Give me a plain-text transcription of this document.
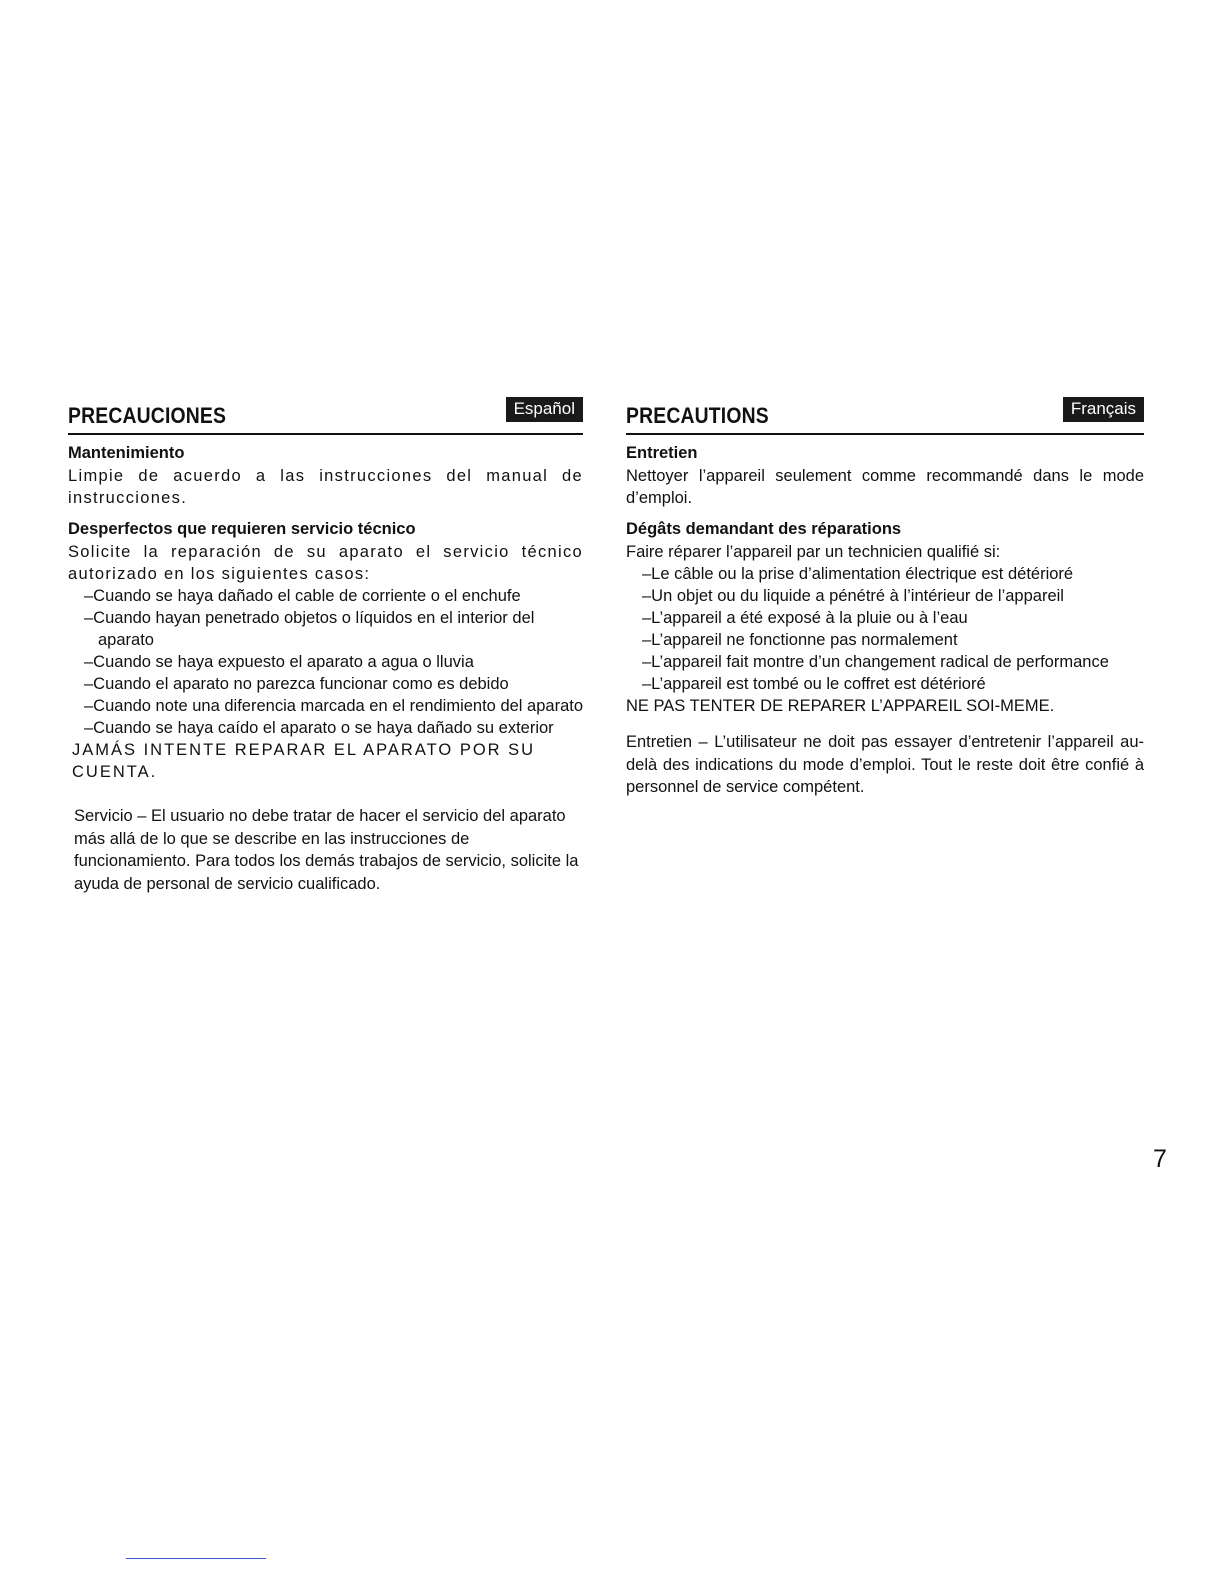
PRECAUCIONES	Español
Mantenimiento

Limpie de acuerdo a las instrucciones del manual de instrucciones.

Desperfectos que requieren servicio técnico

Solicite la reparación de su aparato el servicio técnico autorizado en los siguientes casos:

–Cuando se haya dañado el cable de corriente o el enchufe
–Cuando hayan penetrado objetos o líquidos en el interior del aparato
–Cuando se haya expuesto el aparato a agua o lluvia
–Cuando el aparato no parezca funcionar como es debido
–Cuando note una diferencia marcada en el rendimiento del aparato
–Cuando se haya caído el aparato o se haya dañado su exterior

JAMÁS INTENTE REPARAR EL APARATO POR SU CUENTA.

Servicio – El usuario no debe tratar de hacer el servicio del aparato más allá de lo que se describe en las instrucciones de funcionamiento. Para todos los demás trabajos de servicio, solicite la ayuda de personal de servicio cualificado.

PRECAUTIONS	Français
Entretien

Nettoyer l’appareil seulement comme recommandé dans le mode d’emploi.

Dégâts demandant des réparations

Faire réparer l’appareil par un technicien qualifié si:

–Le câble ou la prise d’alimentation électrique est détérioré
–Un objet ou du liquide a pénétré à l’intérieur de l’appareil
–L’appareil a été exposé à la pluie ou à l’eau
–L’appareil ne fonctionne pas normalement
–L’appareil fait montre d’un changement radical de performance
–L’appareil est tombé ou le coffret est détérioré

NE PAS TENTER DE REPARER L’APPAREIL SOI-MEME.

Entretien – L’utilisateur ne doit pas essayer d’entretenir l’appareil au-delà des indications du mode d’emploi. Tout le reste doit être confié à personnel de service compétent.

7
